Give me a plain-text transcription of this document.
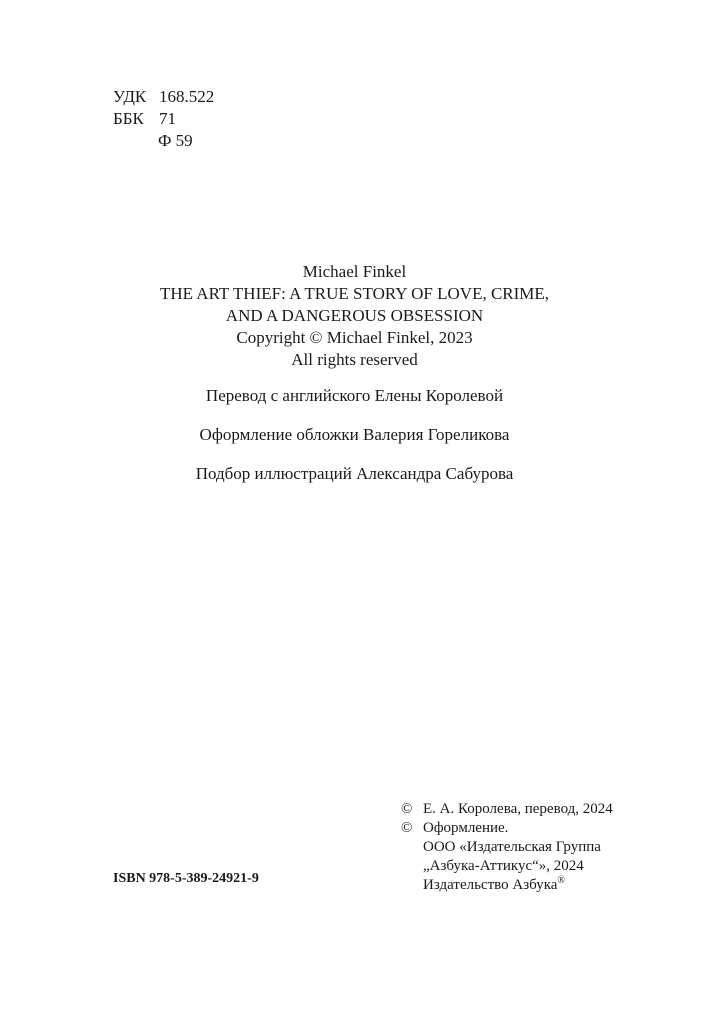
УДК 168.522
ББК 71
Ф 59
Michael Finkel
THE ART THIEF: A TRUE STORY OF LOVE, CRIME,
AND A DANGEROUS OBSESSION
Copyright © Michael Finkel, 2023
All rights reserved
Перевод с английского Елены Королевой
Оформление обложки Валерия Гореликова
Подбор иллюстраций Александра Сабурова
ISBN 978-5-389-24921-9
© Е. А. Королева, перевод, 2024
© Оформление.
ООО «Издательская Группа
„Азбука-Аттикус“», 2024
Издательство Азбука®
